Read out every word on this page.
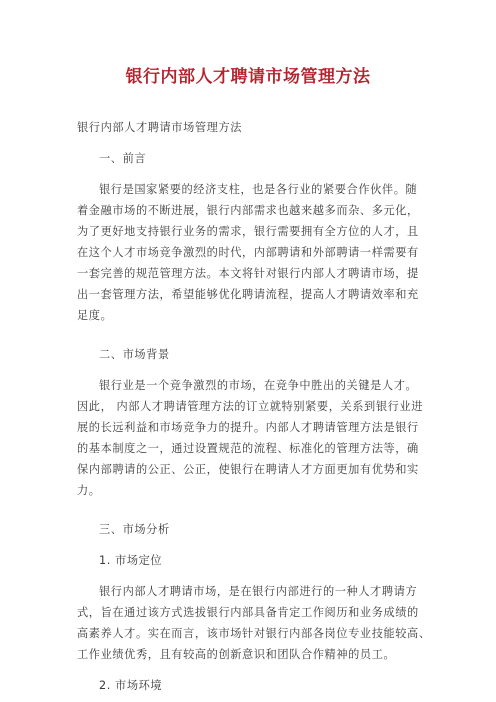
银行内部人才聘请市场管理方法
银行内部人才聘请市场管理方法
一、前言
银行是国家紧要的经济支柱，也是各行业的紧要合作伙伴。随
着金融市场的不断进展，银行内部需求也越来越多而杂、多元化，
为了更好地支持银行业务的需求，银行需要拥有全方位的人才，且
在这个人才市场竞争激烈的时代，内部聘请和外部聘请一样需要有
一套完善的规范管理方法。本文将针对银行内部人才聘请市场，提
出一套管理方法，希望能够优化聘请流程，提高人才聘请效率和充
足度。
二、市场背景
银行业是一个竞争激烈的市场，在竞争中胜出的关键是人才。
因此， 内部人才聘请管理方法的订立就特别紧要，关系到银行业进
展的长远利益和市场竞争力的提升。内部人才聘请管理方法是银行
的基本制度之一，通过设置规范的流程、标准化的管理方法等，确
保内部聘请的公正、公正，使银行在聘请人才方面更加有优势和实
力。
三、市场分析
1. 市场定位
银行内部人才聘请市场，是在银行内部进行的一种人才聘请方
式，旨在通过该方式选拔银行内部具备肯定工作阅历和业务成绩的
高素养人才。实在而言，该市场针对银行内部各岗位专业技能较高、
工作业绩优秀，且有较高的创新意识和团队合作精神的员工。
2. 市场环境
